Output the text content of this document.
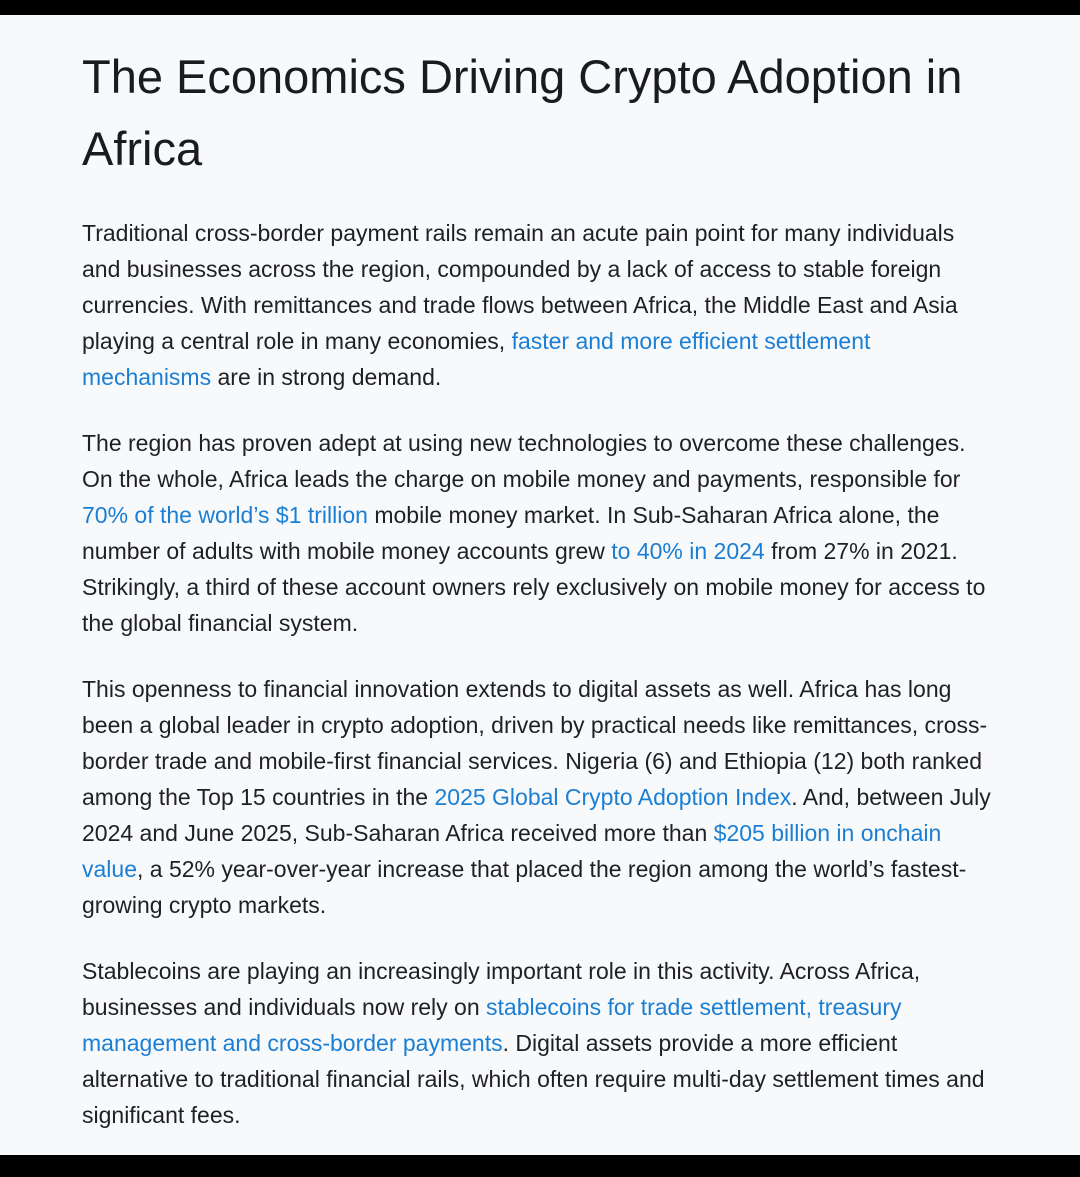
The Economics Driving Crypto Adoption in Africa

Traditional cross-border payment rails remain an acute pain point for many individuals and businesses across the region, compounded by a lack of access to stable foreign currencies. With remittances and trade flows between Africa, the Middle East and Asia playing a central role in many economies, faster and more efficient settlement mechanisms are in strong demand.

The region has proven adept at using new technologies to overcome these challenges. On the whole, Africa leads the charge on mobile money and payments, responsible for 70% of the world’s $1 trillion mobile money market. In Sub-Saharan Africa alone, the number of adults with mobile money accounts grew to 40% in 2024 from 27% in 2021. Strikingly, a third of these account owners rely exclusively on mobile money for access to the global financial system.

This openness to financial innovation extends to digital assets as well. Africa has long been a global leader in crypto adoption, driven by practical needs like remittances, cross-border trade and mobile-first financial services. Nigeria (6) and Ethiopia (12) both ranked among the Top 15 countries in the 2025 Global Crypto Adoption Index. And, between July 2024 and June 2025, Sub-Saharan Africa received more than $205 billion in onchain value, a 52% year-over-year increase that placed the region among the world’s fastest-growing crypto markets.

Stablecoins are playing an increasingly important role in this activity. Across Africa, businesses and individuals now rely on stablecoins for trade settlement, treasury management and cross-border payments. Digital assets provide a more efficient alternative to traditional financial rails, which often require multi-day settlement times and significant fees.
